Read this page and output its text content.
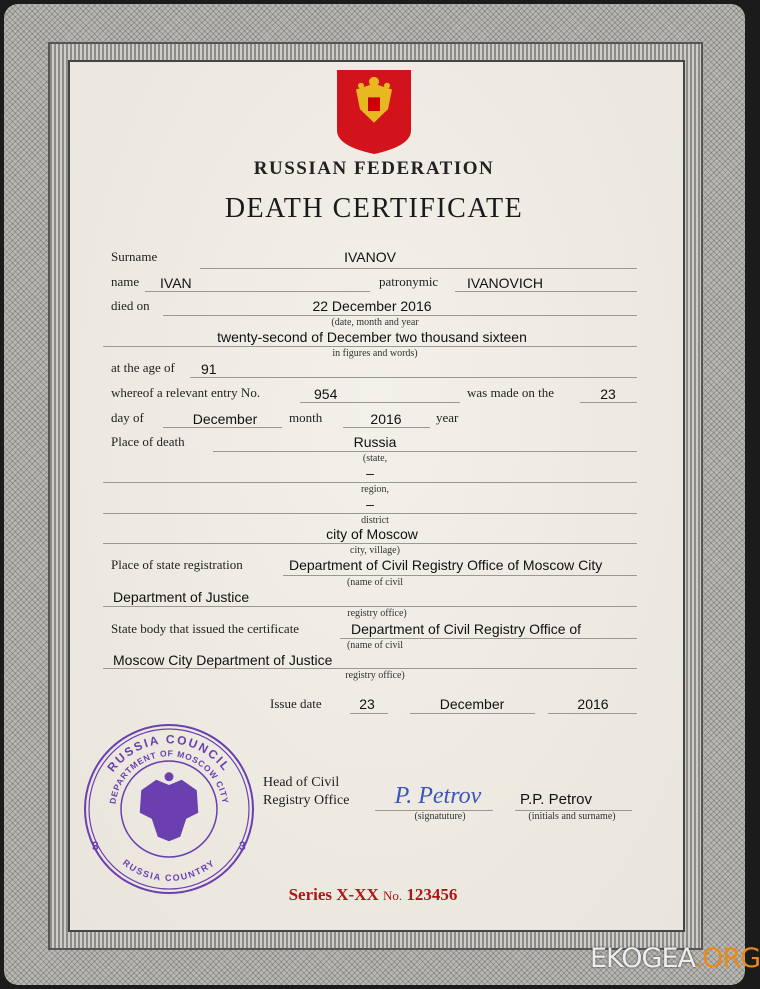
RUSSIAN FEDERATION
DEATH CERTIFICATE
Surname	IVANOV
name IVAN	patronymic IVANOVICH
died on	22 December 2016
(date, month and year
twenty-second of December two thousand sixteen
in figures and words)
at the age of 91
whereof a relevant entry No.	954	was made on the	23
day of	December month	2016	year
Place of death	Russia
(state,
–
region,
–
district
city of Moscow
city, village)
Place of state registration	Department of Civil Registry Office of Moscow City
(name of civil
Department of Justice
registry office)
State body that issued the certificate	Department of Civil Registry Office of
(name of civil
Moscow City Department of Justice
registry office)
Issue date	23	December	2016
RUSSIA COUNCIL
DEPARTMENT OF MOSCOW CITY
RUSSIA COUNTRY
3	3
Head of Civil
Registry Office P. Petrov
(signatuture)
P.P. Petrov
(initials and surname)
Series X-XX No. 123456
EKOGEA.ORG
